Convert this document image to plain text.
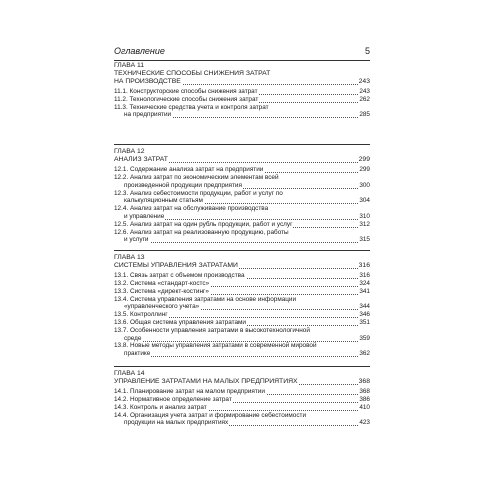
Оглавление	5
ГЛАВА 11
ТЕХНИЧЕСКИЕ СПОСОБЫ СНИЖЕНИЯ ЗАТРАТ
НА ПРОИЗВОДСТВЕ	243
11.1. Конструкторские способы снижения затрат	243
11.2. Технологические способы снижения затрат	262
11.3. Технические средства учета и контроля затрат
на предприятии	285
ГЛАВА 12
АНАЛИЗ ЗАТРАТ	299
12.1. Содержание анализа затрат на предприятии	299
12.2. Анализ затрат по экономическим элементам всей
произведенной продукции предприятия	300
12.3. Анализ себестоимости продукции, работ и услуг по
калькуляционным статьям	304
12.4. Анализ затрат на обслуживание производства
и управление	310
12.5. Анализ затрат на один рубль продукции, работ и услуг	312
12.6. Анализ затрат на реализованную продукцию, работы
и услуги	315
ГЛАВА 13
СИСТЕМЫ УПРАВЛЕНИЯ ЗАТРАТАМИ	316
13.1. Связь затрат с объемом производства	316
13.2. Система «стандарт-костс»	324
13.3. Система «директ-костинг»	341
13.4. Система управления затратами на основе информации
«управленческого учета»	344
13.5. Контроллинг	346
13.6. Общая система управления затратами	351
13.7. Особенности управления затратами в высокотехнологичной
среде	359
13.8. Новые методы управления затратами в современной мировой
практике	362
ГЛАВА 14
УПРАВЛЕНИЕ ЗАТРАТАМИ НА МАЛЫХ ПРЕДПРИЯТИЯХ	368
14.1. Планирование затрат на малом предприятии	368
14.2. Нормативное определение затрат	386
14.3. Контроль и анализ затрат	410
14.4. Организация учета затрат и формирование себестоимости
продукции на малых предприятиях	423
